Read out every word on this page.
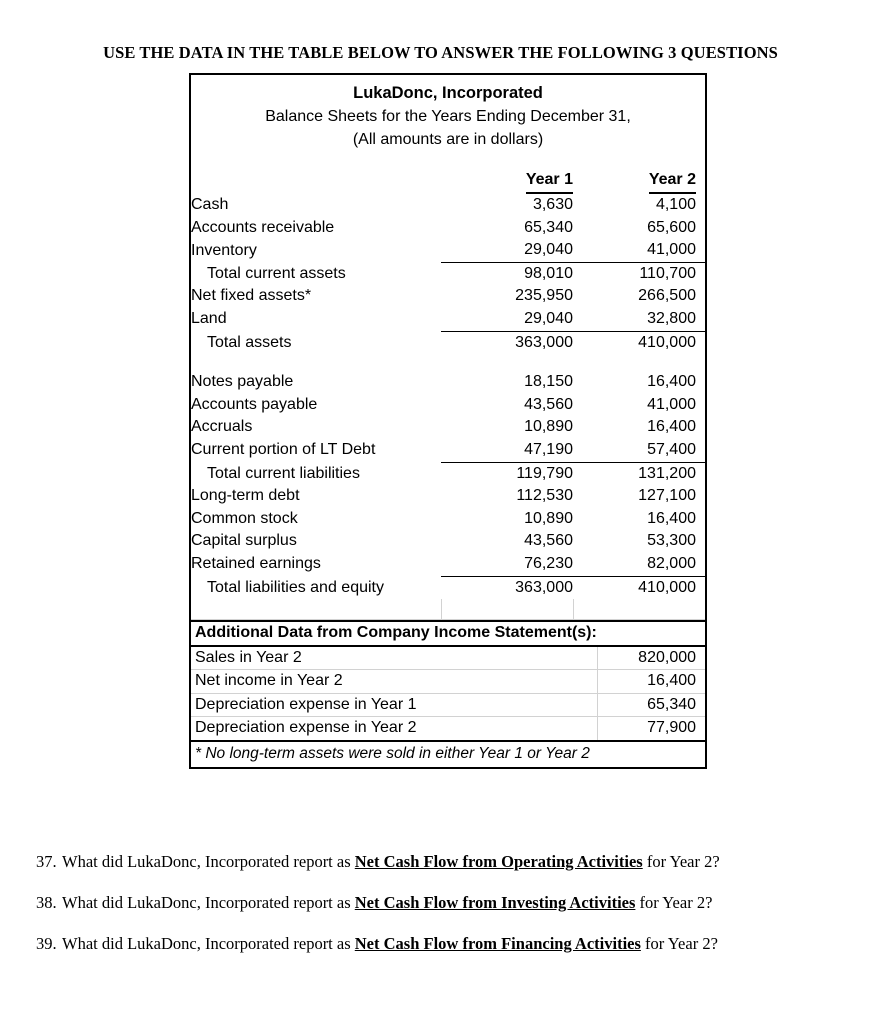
USE THE DATA IN THE TABLE BELOW TO ANSWER THE FOLLOWING 3 QUESTIONS
LukaDonc, Incorporated
Balance Sheets for the Years Ending December 31,
(All amounts are in dollars)

	Year 1	Year 2
Cash	3,630	4,100
Accounts receivable	65,340	65,600
Inventory	29,040	41,000
Total current assets	98,010	110,700
Net fixed assets*	235,950	266,500
Land	29,040	32,800
Total assets	363,000	410,000

Notes payable	18,150	16,400
Accounts payable	43,560	41,000
Accruals	10,890	16,400
Current portion of LT Debt	47,190	57,400
Total current liabilities	119,790	131,200
Long-term debt	112,530	127,100
Common stock	10,890	16,400
Capital surplus	43,560	53,300
Retained earnings	76,230	82,000
Total liabilities and equity	363,000	410,000

Additional Data from Company Income Statement(s):	
Sales in Year 2	820,000
Net income in Year 2	16,400
Depreciation expense in Year 1	65,340
Depreciation expense in Year 2	77,900
* No long-term assets were sold in either Year 1 or Year 2
37. What did LukaDonc, Incorporated report as Net Cash Flow from Operating Activities for Year 2?
38. What did LukaDonc, Incorporated report as Net Cash Flow from Investing Activities for Year 2?
39. What did LukaDonc, Incorporated report as Net Cash Flow from Financing Activities for Year 2?
